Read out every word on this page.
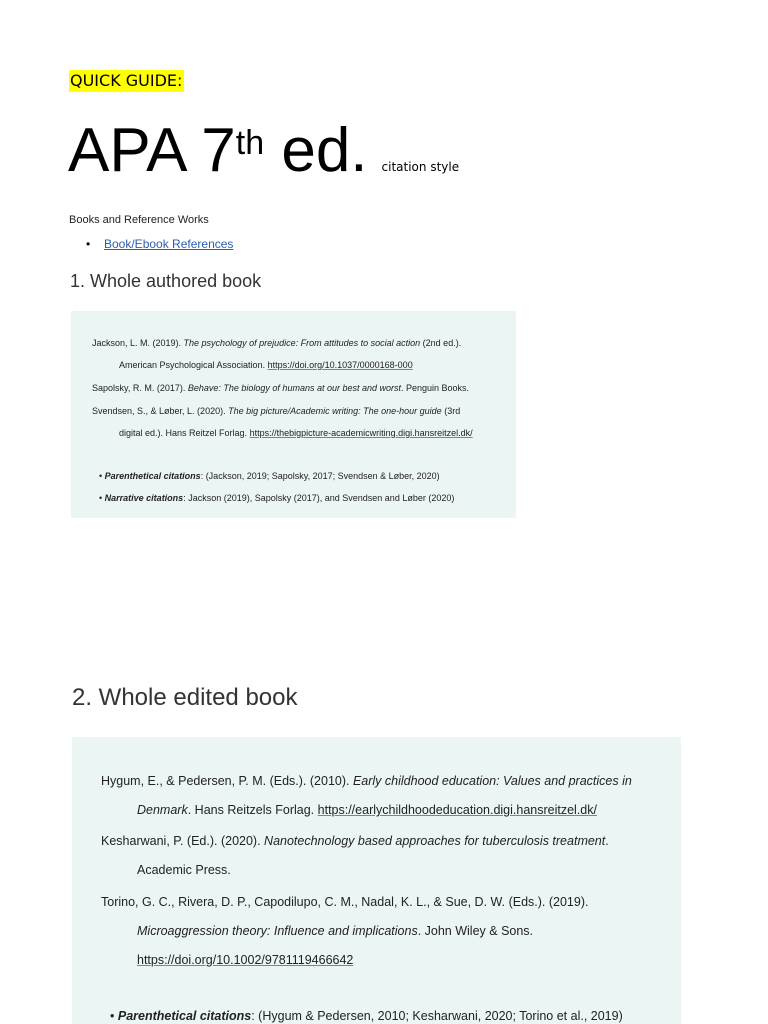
QUICK GUIDE:
APA 7th ed. citation style
Books and Reference Works
• Book/Ebook References
1. Whole authored book
Jackson, L. M. (2019). The psychology of prejudice: From attitudes to social action (2nd ed.).
American Psychological Association. https://doi.org/10.1037/0000168-000
Sapolsky, R. M. (2017). Behave: The biology of humans at our best and worst. Penguin Books.
Svendsen, S., & Løber, L. (2020). The big picture/Academic writing: The one-hour guide (3rd
digital ed.). Hans Reitzel Forlag. https://thebigpicture-academicwriting.digi.hansreitzel.dk/
• Parenthetical citations: (Jackson, 2019; Sapolsky, 2017; Svendsen & Løber, 2020)
• Narrative citations: Jackson (2019), Sapolsky (2017), and Svendsen and Løber (2020)
2. Whole edited book
Hygum, E., & Pedersen, P. M. (Eds.). (2010). Early childhood education: Values and practices in
Denmark. Hans Reitzels Forlag. https://earlychildhoodeducation.digi.hansreitzel.dk/
Kesharwani, P. (Ed.). (2020). Nanotechnology based approaches for tuberculosis treatment.
Academic Press.
Torino, G. C., Rivera, D. P., Capodilupo, C. M., Nadal, K. L., & Sue, D. W. (Eds.). (2019).
Microaggression theory: Influence and implications. John Wiley & Sons.
https://doi.org/10.1002/9781119466642
• Parenthetical citations: (Hygum & Pedersen, 2010; Kesharwani, 2020; Torino et al., 2019)
